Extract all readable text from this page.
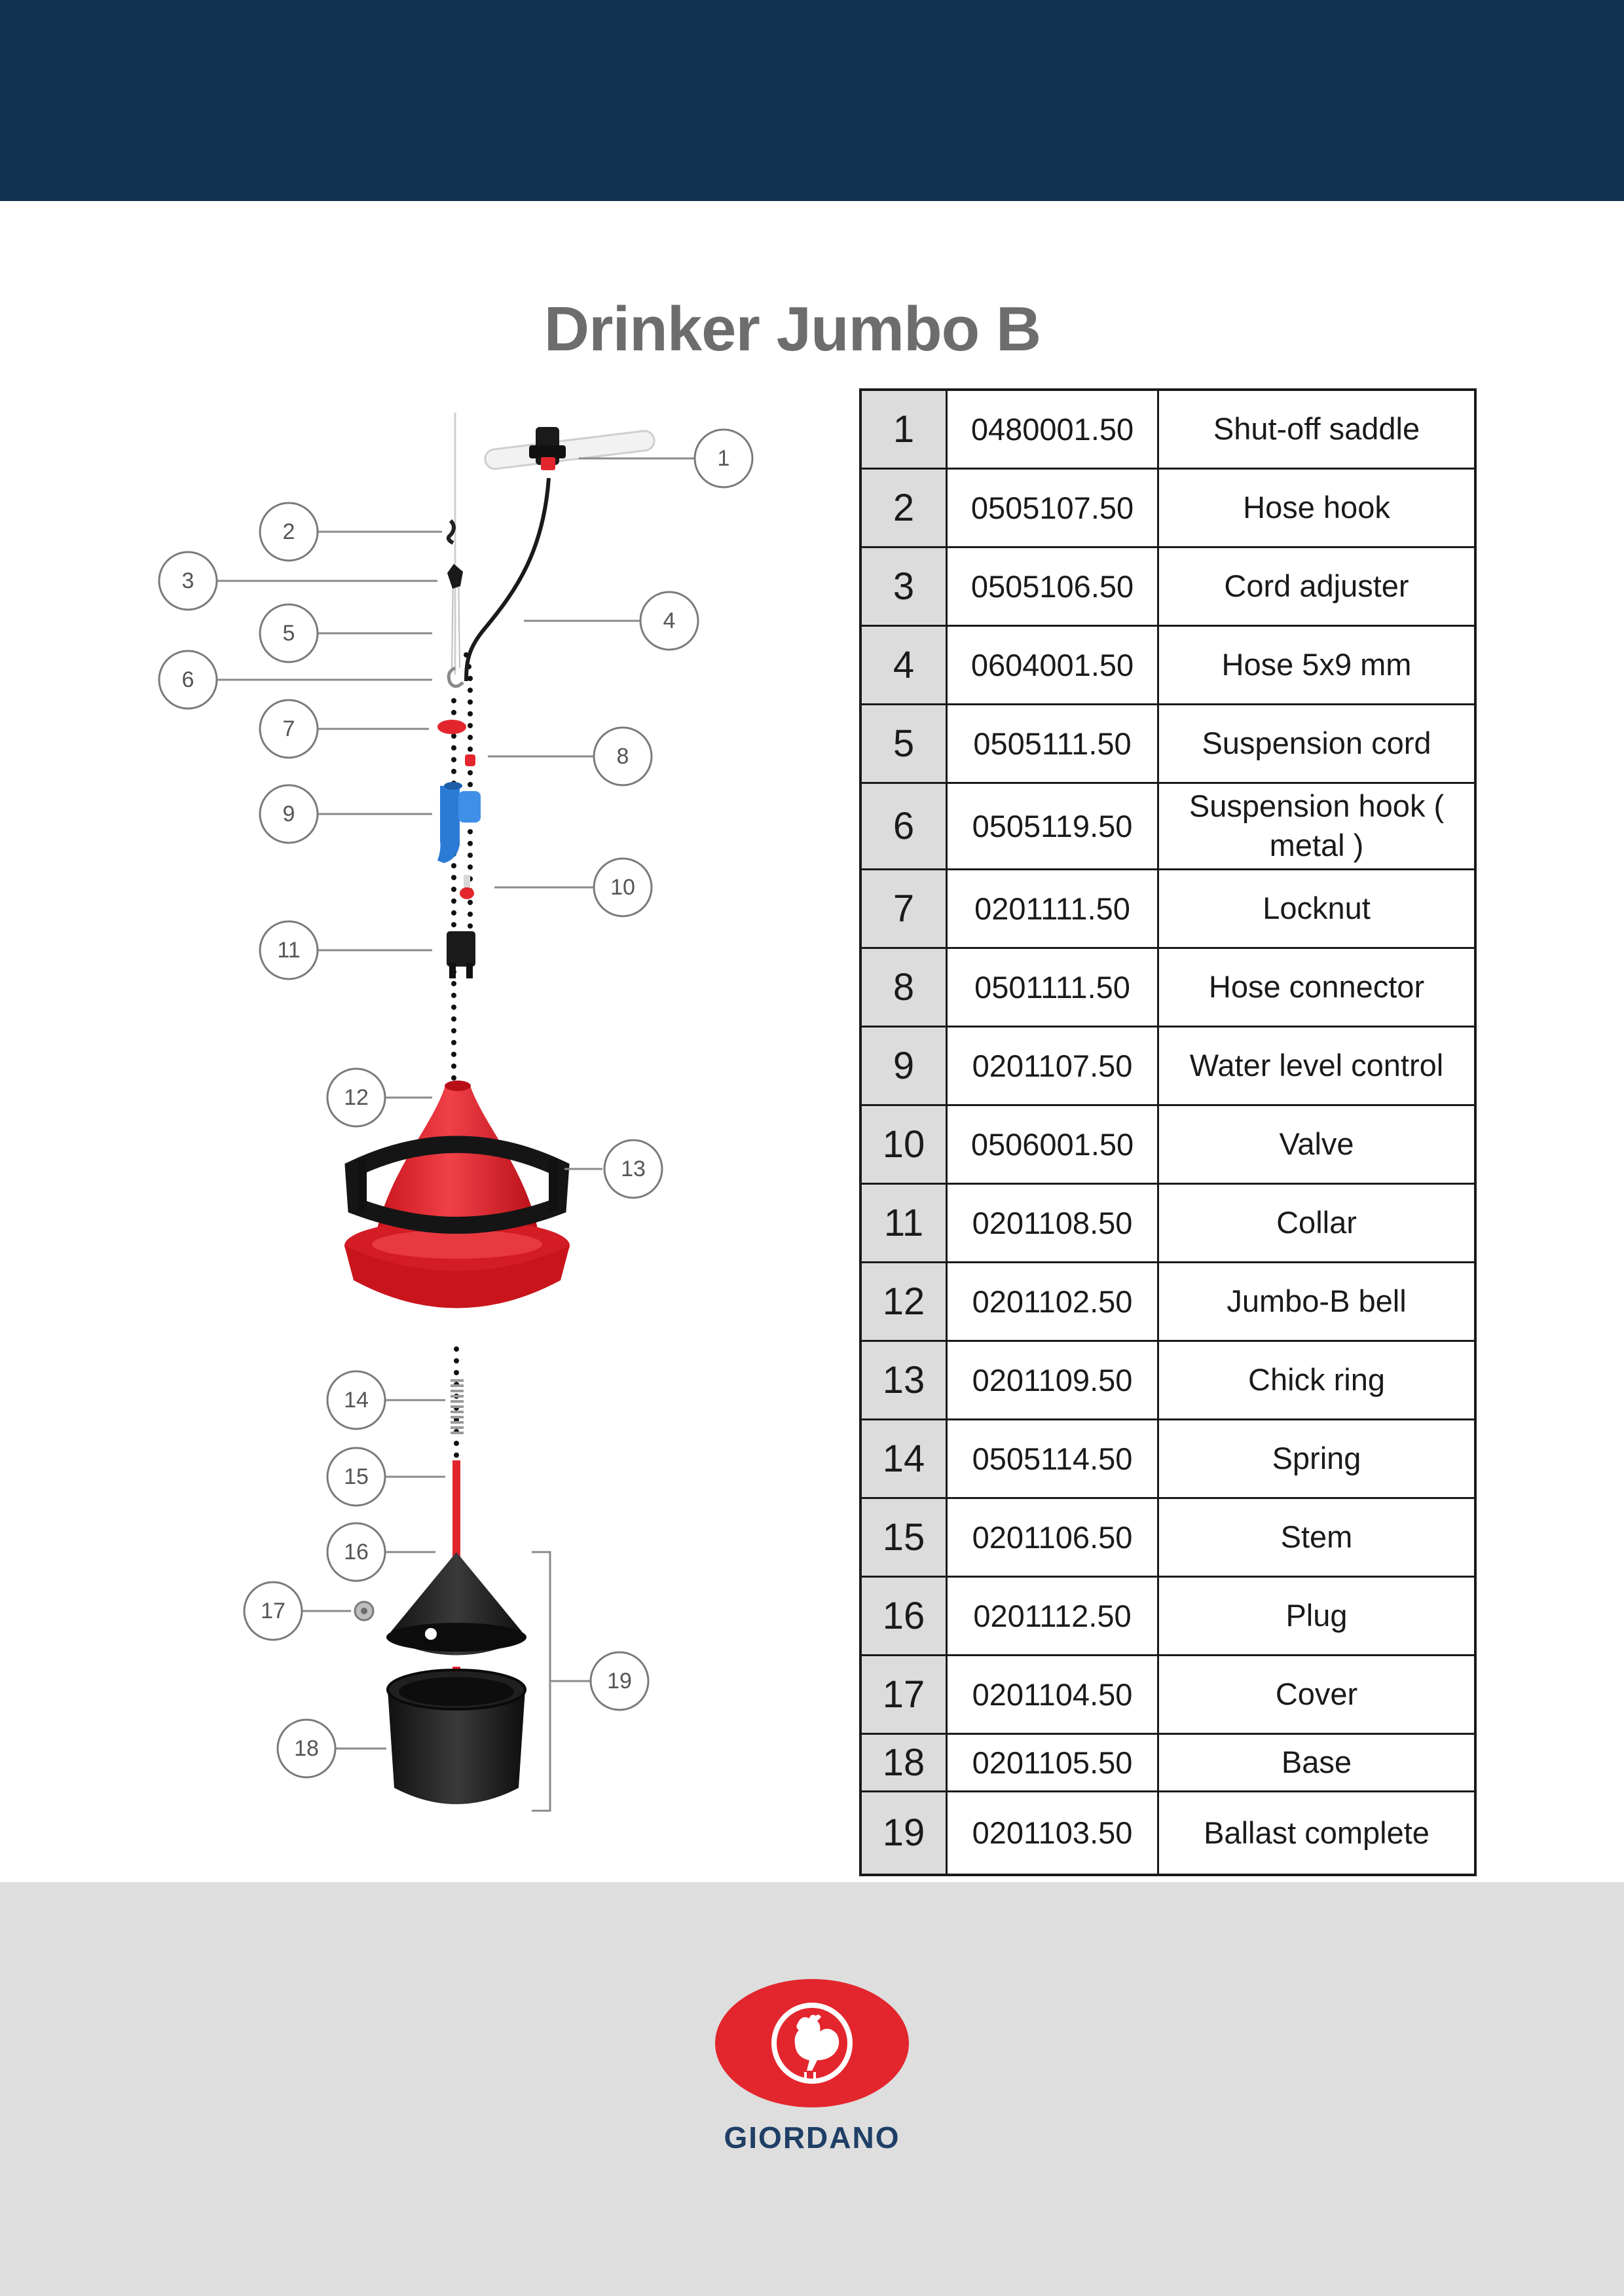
Drinker Jumbo B
1
2
3
4
5
6
7
8
9
10
11
12
13
14
15
16
17
18
19
1	0480001.50	Shut-off saddle
2	0505107.50	Hose hook
3	0505106.50	Cord adjuster
4	0604001.50	Hose 5x9 mm
5	0505111.50	Suspension cord
6	0505119.50	Suspension hook ( metal )
7	0201111.50	Locknut
8	0501111.50	Hose connector
9	0201107.50	Water level control
10	0506001.50	Valve
11	0201108.50	Collar
12	0201102.50	Jumbo-B bell
13	0201109.50	Chick ring
14	0505114.50	Spring
15	0201106.50	Stem
16	0201112.50	Plug
17	0201104.50	Cover
18	0201105.50	Base
19	0201103.50	Ballast complete
GIORDANO
